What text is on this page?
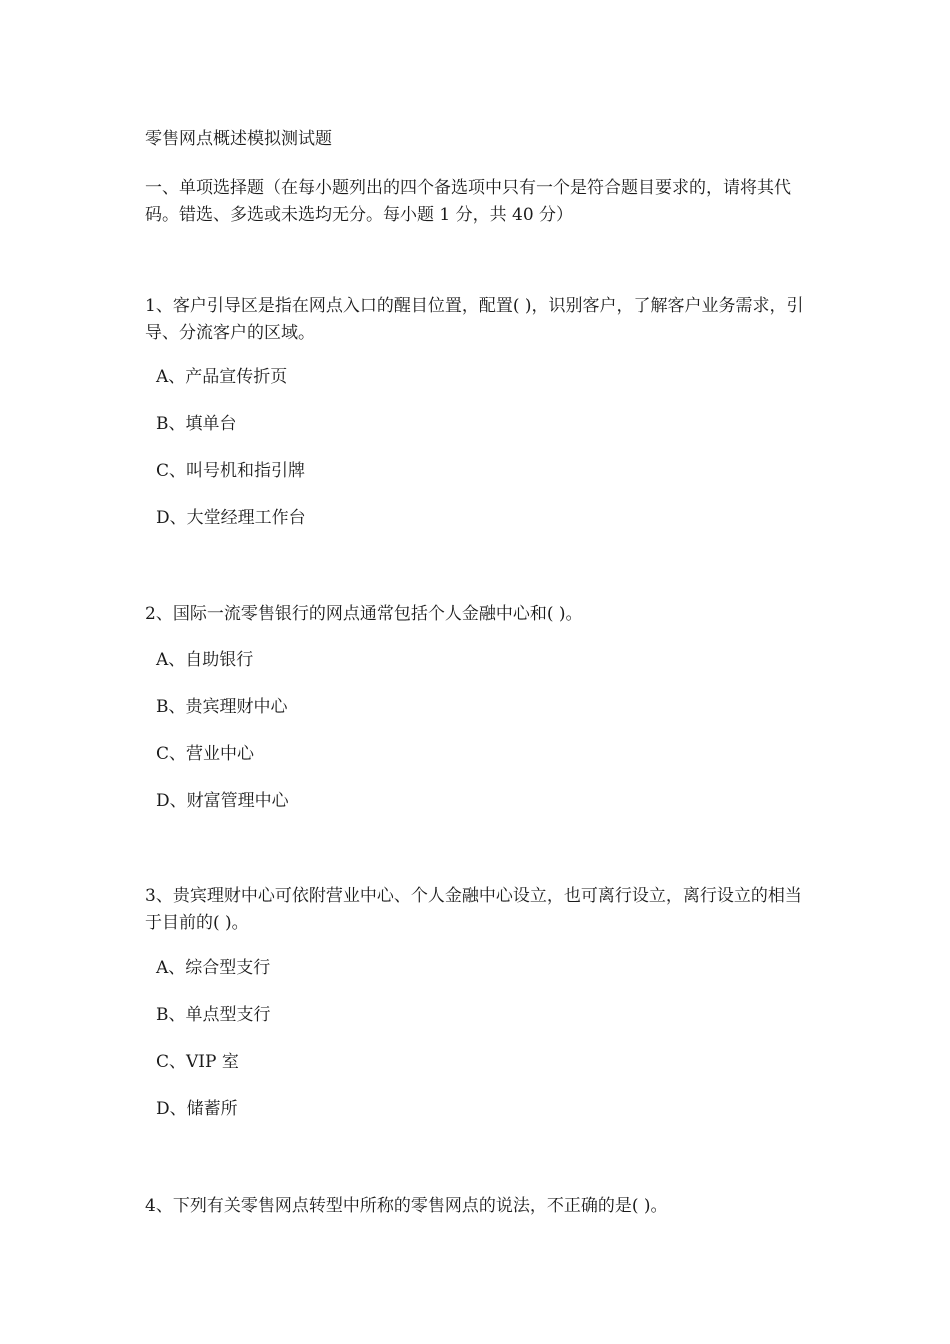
零售网点概述模拟测试题
一、单项选择题（在每小题列出的四个备选项中只有一个是符合题目要求的，请将其代码。错选、多选或未选均无分。每小题 1 分，共 40 分）

1、客户引导区是指在网点入口的醒目位置，配置( )，识别客户，了解客户业务需求，引导、分流客户的区域。

A、产品宣传折页
B、填单台
C、叫号机和指引牌
D、大堂经理工作台

2、国际一流零售银行的网点通常包括个人金融中心和( )。

A、自助银行
B、贵宾理财中心
C、营业中心
D、财富管理中心

3、贵宾理财中心可依附营业中心、个人金融中心设立，也可离行设立，离行设立的相当于目前的( )。

A、综合型支行
B、单点型支行
C、VIP 室
D、储蓄所

4、下列有关零售网点转型中所称的零售网点的说法，不正确的是( )。
